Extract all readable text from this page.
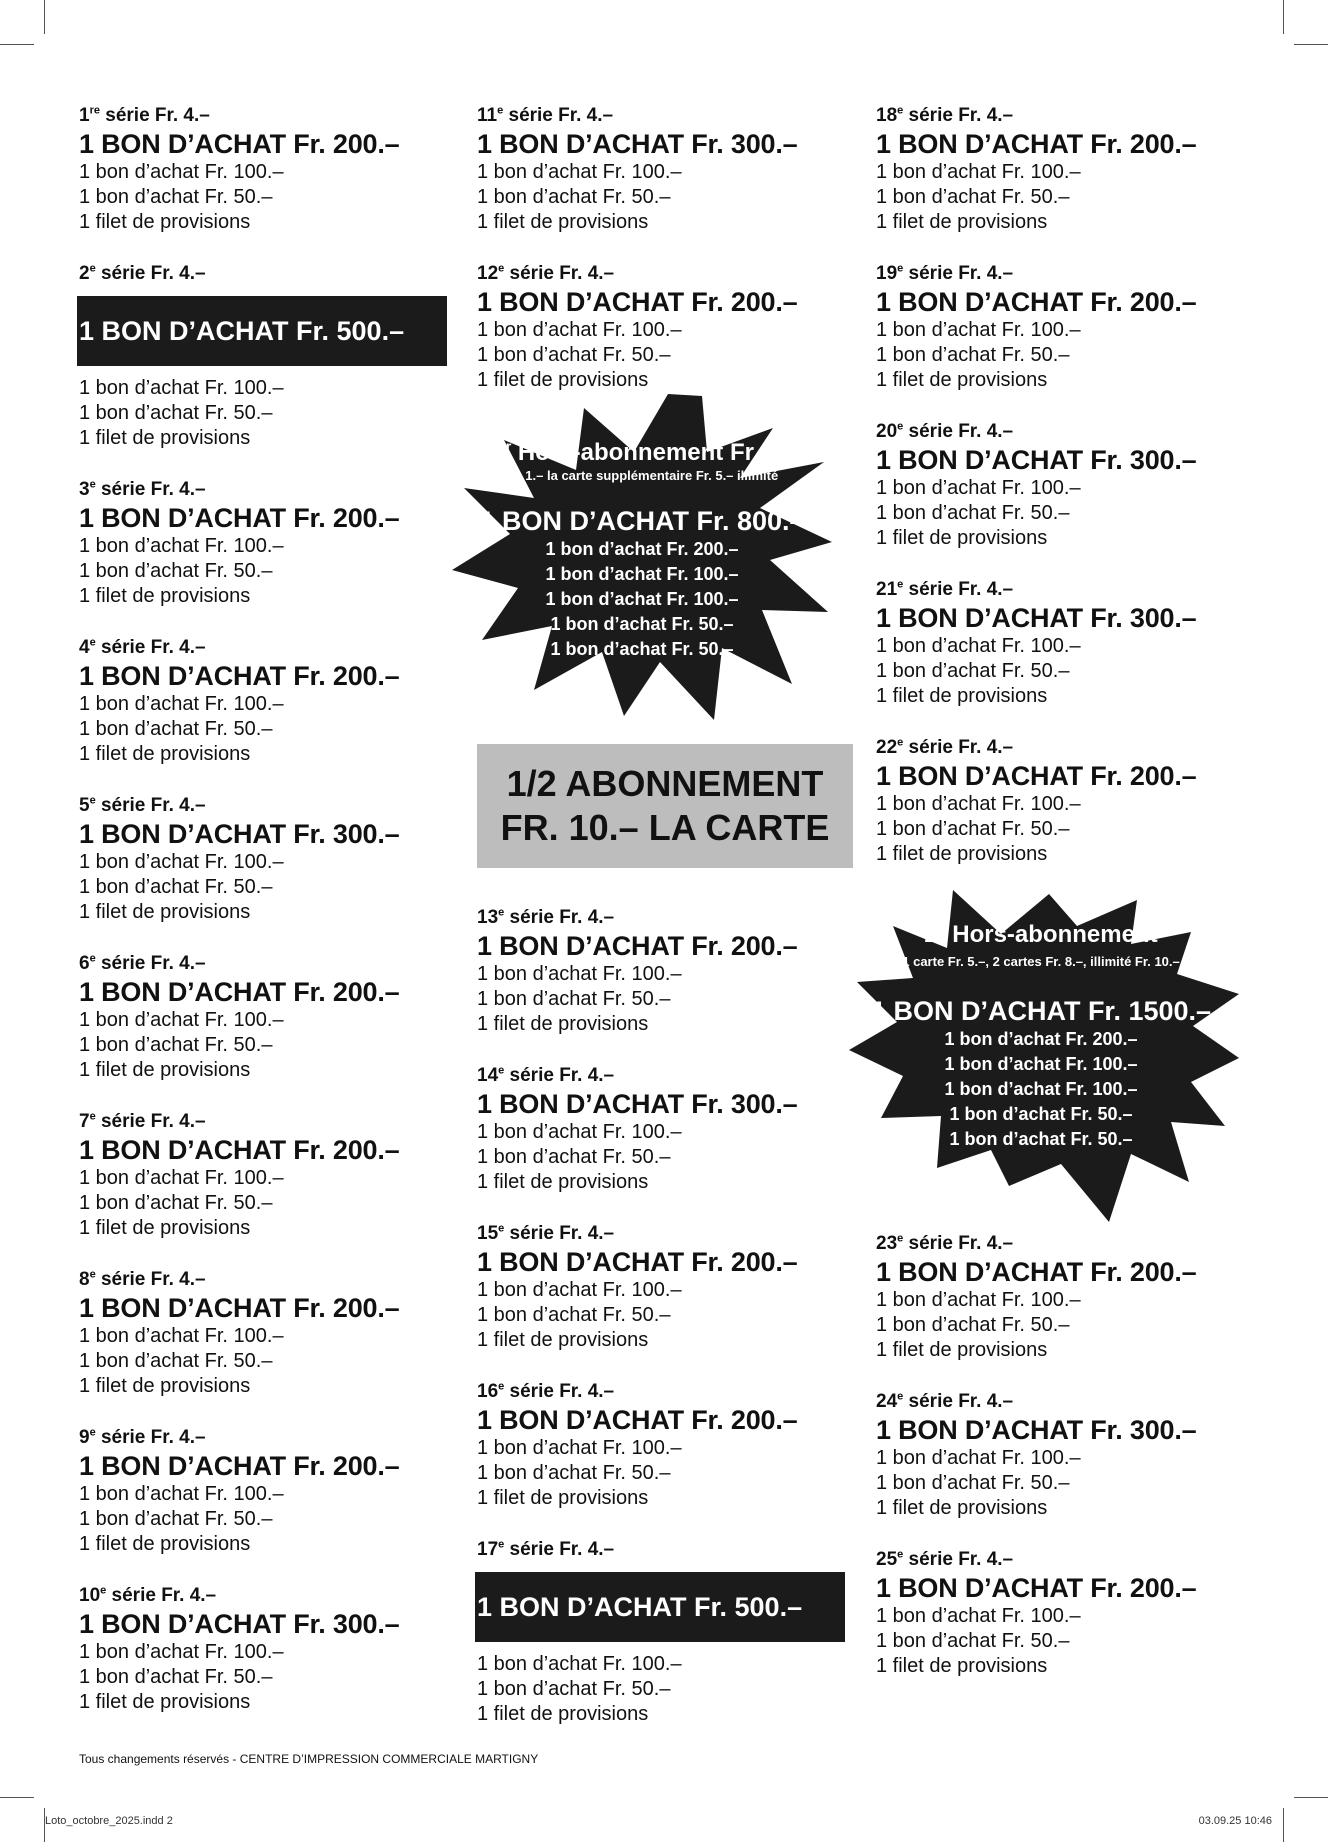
1re série Fr. 4.–

1 BON D’ACHAT Fr. 200.–

1 bon d’achat Fr. 100.–

1 bon d’achat Fr. 50.–

1 filet de provisions

2e série Fr. 4.–

1 BON D’ACHAT Fr. 500.–

1 bon d’achat Fr. 100.–

1 bon d’achat Fr. 50.–

1 filet de provisions

3e série Fr. 4.–

1 BON D’ACHAT Fr. 200.–

1 bon d’achat Fr. 100.–

1 bon d’achat Fr. 50.–

1 filet de provisions

4e série Fr. 4.–

1 BON D’ACHAT Fr. 200.–

1 bon d’achat Fr. 100.–

1 bon d’achat Fr. 50.–

1 filet de provisions

5e série Fr. 4.–

1 BON D’ACHAT Fr. 300.–

1 bon d’achat Fr. 100.–

1 bon d’achat Fr. 50.–

1 filet de provisions

6e série Fr. 4.–

1 BON D’ACHAT Fr. 200.–

1 bon d’achat Fr. 100.–

1 bon d’achat Fr. 50.–

1 filet de provisions

7e série Fr. 4.–

1 BON D’ACHAT Fr. 200.–

1 bon d’achat Fr. 100.–

1 bon d’achat Fr. 50.–

1 filet de provisions

8e série Fr. 4.–

1 BON D’ACHAT Fr. 200.–

1 bon d’achat Fr. 100.–

1 bon d’achat Fr. 50.–

1 filet de provisions

9e série Fr. 4.–

1 BON D’ACHAT Fr. 200.–

1 bon d’achat Fr. 100.–

1 bon d’achat Fr. 50.–

1 filet de provisions

10e série Fr. 4.–

1 BON D’ACHAT Fr. 300.–

1 bon d’achat Fr. 100.–

1 bon d’achat Fr. 50.–

1 filet de provisions

11e série Fr. 4.–

1 BON D’ACHAT Fr. 300.–

1 bon d’achat Fr. 100.–

1 bon d’achat Fr. 50.–

1 filet de provisions

12e série Fr. 4.–

1 BON D’ACHAT Fr. 200.–

1 bon d’achat Fr. 100.–

1 bon d’achat Fr. 50.–

1 filet de provisions

1er Hors-abonnement Fr. 3.–
Fr. 1.– la carte supplémentaire Fr. 5.– illimité
1 BON D’ACHAT Fr. 800.–
1 bon d’achat Fr. 200.–
1 bon d’achat Fr. 100.–
1 bon d’achat Fr. 100.–
1 bon d’achat Fr. 50.–
1 bon d’achat Fr. 50.–
1/2 ABONNEMENT
FR. 10.– LA CARTE

13e série Fr. 4.–

1 BON D’ACHAT Fr. 200.–

1 bon d’achat Fr. 100.–

1 bon d’achat Fr. 50.–

1 filet de provisions

14e série Fr. 4.–

1 BON D’ACHAT Fr. 300.–

1 bon d’achat Fr. 100.–

1 bon d’achat Fr. 50.–

1 filet de provisions

15e série Fr. 4.–

1 BON D’ACHAT Fr. 200.–

1 bon d’achat Fr. 100.–

1 bon d’achat Fr. 50.–

1 filet de provisions

16e série Fr. 4.–

1 BON D’ACHAT Fr. 200.–

1 bon d’achat Fr. 100.–

1 bon d’achat Fr. 50.–

1 filet de provisions

17e série Fr. 4.–

1 BON D’ACHAT Fr. 500.–

1 bon d’achat Fr. 100.–

1 bon d’achat Fr. 50.–

1 filet de provisions

18e série Fr. 4.–

1 BON D’ACHAT Fr. 200.–

1 bon d’achat Fr. 100.–

1 bon d’achat Fr. 50.–

1 filet de provisions

19e série Fr. 4.–

1 BON D’ACHAT Fr. 200.–

1 bon d’achat Fr. 100.–

1 bon d’achat Fr. 50.–

1 filet de provisions

20e série Fr. 4.–

1 BON D’ACHAT Fr. 300.–

1 bon d’achat Fr. 100.–

1 bon d’achat Fr. 50.–

1 filet de provisions

21e série Fr. 4.–

1 BON D’ACHAT Fr. 300.–

1 bon d’achat Fr. 100.–

1 bon d’achat Fr. 50.–

1 filet de provisions

22e série Fr. 4.–

1 BON D’ACHAT Fr. 200.–

1 bon d’achat Fr. 100.–

1 bon d’achat Fr. 50.–

1 filet de provisions

2e Hors-abonnement
1 carte Fr. 5.–, 2 cartes Fr. 8.–, illimité Fr. 10.–
1 BON D’ACHAT Fr. 1500.–
1 bon d’achat Fr. 200.–
1 bon d’achat Fr. 100.–
1 bon d’achat Fr. 100.–
1 bon d’achat Fr. 50.–
1 bon d’achat Fr. 50.–

23e série Fr. 4.–

1 BON D’ACHAT Fr. 200.–

1 bon d’achat Fr. 100.–

1 bon d’achat Fr. 50.–

1 filet de provisions

24e série Fr. 4.–

1 BON D’ACHAT Fr. 300.–

1 bon d’achat Fr. 100.–

1 bon d’achat Fr. 50.–

1 filet de provisions

25e série Fr. 4.–

1 BON D’ACHAT Fr. 200.–

1 bon d’achat Fr. 100.–

1 bon d’achat Fr. 50.–

1 filet de provisions

Tous changements réservés - CENTRE D’IMPRESSION COMMERCIALE MARTIGNY
Loto_octobre_2025.indd 2	03.09.25 10:46
